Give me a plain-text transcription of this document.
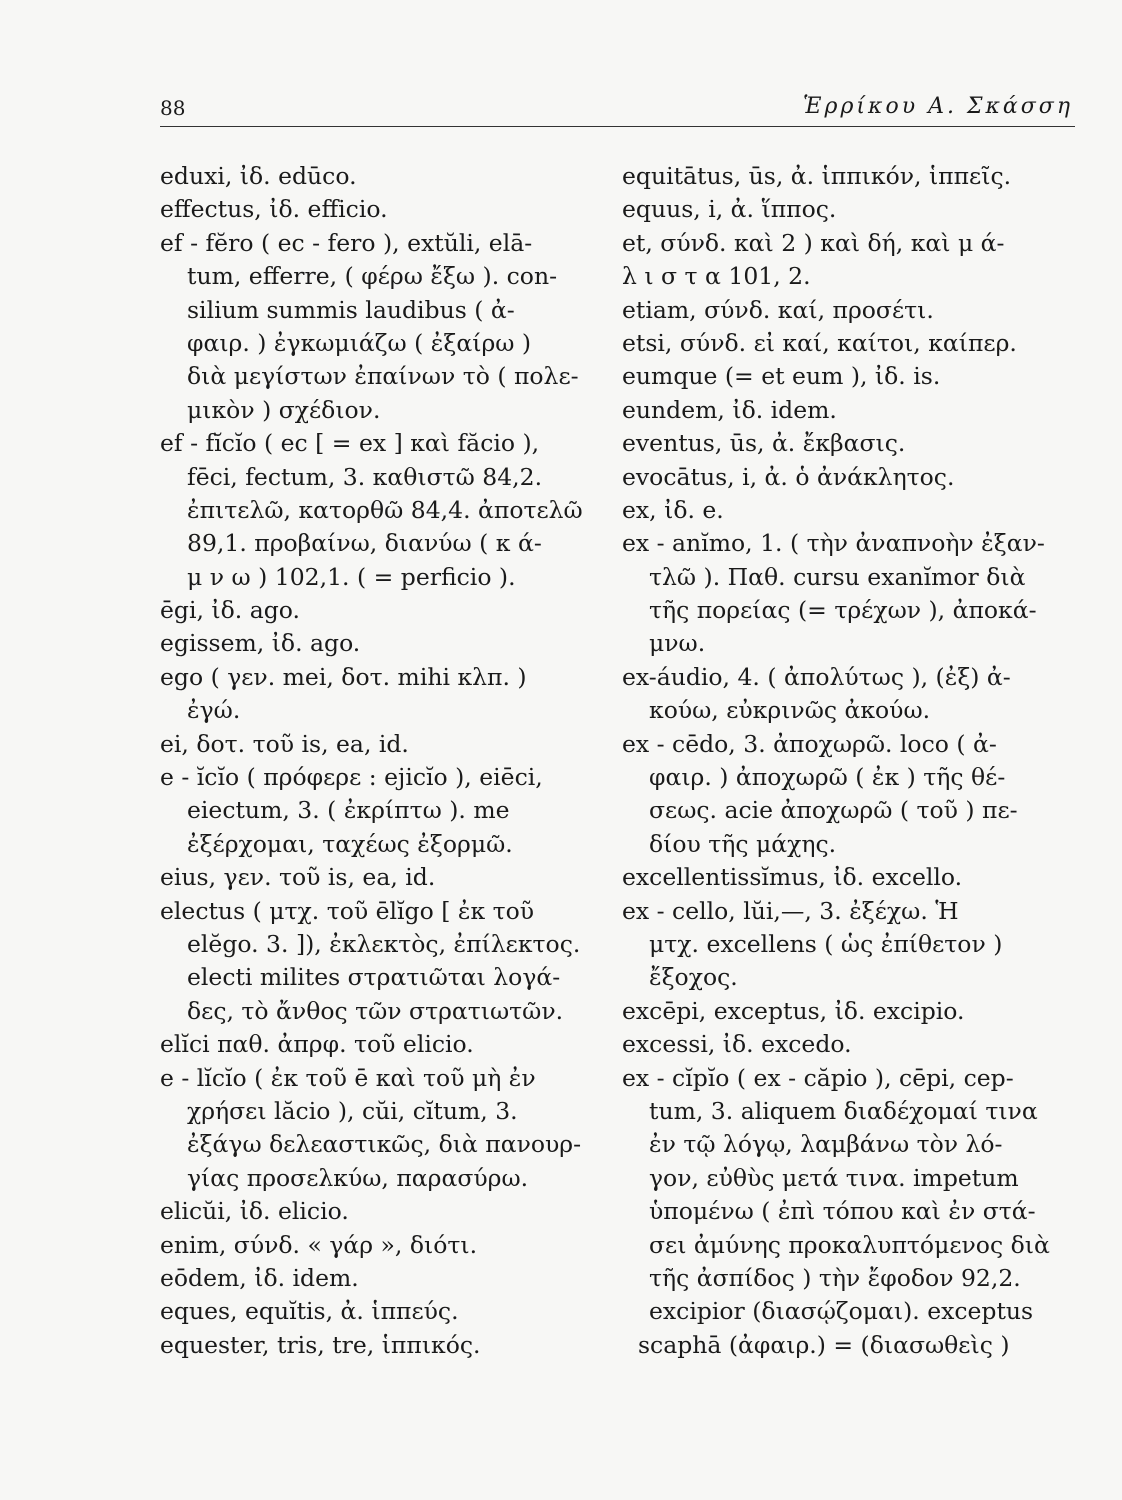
88	Ἑρρίκου Α. Σκάσση
eduxi, ἰδ. edūco.
effectus, ἰδ. efficio.
ef - fĕro ( ec - fero ), extŭli, elā-
tum, efferre, ( φέρω ἔξω ). con-
silium summis laudibus ( ἀ-
φαιρ. ) ἐγκωμιάζω ( ἐξαίρω )
διὰ μεγίστων ἐπαίνων τὸ ( πολε-
μικὸν ) σχέδιον.
ef - fĭcĭo ( ec [ = ex ] καὶ făcio ),
fēci, fectum, 3. καθιστῶ 84,2.
ἐπιτελῶ, κατορθῶ 84,4. ἀποτελῶ
89,1. προβαίνω, διανύω ( κ ά-
μ ν ω ) 102,1. ( = perficio ).
ēgi, ἰδ. ago.
egissem, ἰδ. ago.
ego ( γεν. mei, δοτ. mihi κλπ. )
ἐγώ.
ei, δοτ. τοῦ is, ea, id.
e - ĭcĭo ( πρόφερε : ejicĭo ), eiēci,
eiectum, 3. ( ἐκρίπτω ). me
ἐξέρχομαι, ταχέως ἐξορμῶ.
eius, γεν. τοῦ is, ea, id.
electus ( μτχ. τοῦ ēlĭgo [ ἐκ τοῦ
elĕgo. 3. ]), ἐκλεκτὸς, ἐπίλεκτος.
electi milites στρατιῶται λογά-
δες, τὸ ἄνθος τῶν στρατιωτῶν.
elĭci παθ. ἀπρφ. τοῦ elicio.
e - lĭcĭo ( ἐκ τοῦ ē καὶ τοῦ μὴ ἐν
χρήσει lăcio ), cŭi, cĭtum, 3.
ἐξάγω δελεαστικῶς, διὰ πανουρ-
γίας προσελκύω, παρασύρω.
elicŭi, ἰδ. elicio.
enim, σύνδ. « γάρ », διότι.
eōdem, ἰδ. idem.
eques, equĭtis, ἀ. ἱππεύς.
equester, tris, tre, ἱππικός.
equitātus, ūs, ἀ. ἱππικόν, ἱππεῖς.
equus, i, ἀ. ἵππος.
et, σύνδ. καὶ 2 ) καὶ δή, καὶ μ ά-
λ ι σ τ α 101, 2.
etiam, σύνδ. καί, προσέτι.
etsi, σύνδ. εἰ καί, καίτοι, καίπερ.
eumque (= et eum ), ἰδ. is.
eundem, ἰδ. idem.
eventus, ūs, ἀ. ἔκβασις.
evocātus, i, ἀ. ὁ ἀνάκλητος.
ex, ἰδ. e.
ex - anĭmo, 1. ( τὴν ἀναπνοὴν ἐξαν-
τλῶ ). Παθ. cursu exanĭmor διὰ
τῆς πορείας (= τρέχων ), ἀποκά-
μνω.
ex-áudio, 4. ( ἀπολύτως ), (ἐξ) ἀ-
κούω, εὐκρινῶς ἀκούω.
ex - cēdo, 3. ἀποχωρῶ. loco ( ἀ-
φαιρ. ) ἀποχωρῶ ( ἐκ ) τῆς θέ-
σεως. acie ἀποχωρῶ ( τοῦ ) πε-
δίου τῆς μάχης.
excellentissĭmus, ἰδ. excello.
ex - cello, lŭi,—, 3. ἐξέχω. Ἡ
μτχ. excellens ( ὡς ἐπίθετον )
ἔξοχος.
excēpi, exceptus, ἰδ. excipio.
excessi, ἰδ. excedo.
ex - cĭpĭo ( ex - căpio ), cēpi, cep-
tum, 3. aliquem διαδέχομαί τινα
ἐν τῷ λόγῳ, λαμβάνω τὸν λό-
γον, εὐθὺς μετά τινα. impetum
ὑπομένω ( ἐπὶ τόπου καὶ ἐν στά-
σει ἀμύνης προκαλυπτόμενος διὰ
τῆς ἀσπίδος ) τὴν ἔφοδον 92,2.
excipior (διασῴζομαι). exceptus
scaphā (ἀφαιρ.) = (διασωθεὶς )
